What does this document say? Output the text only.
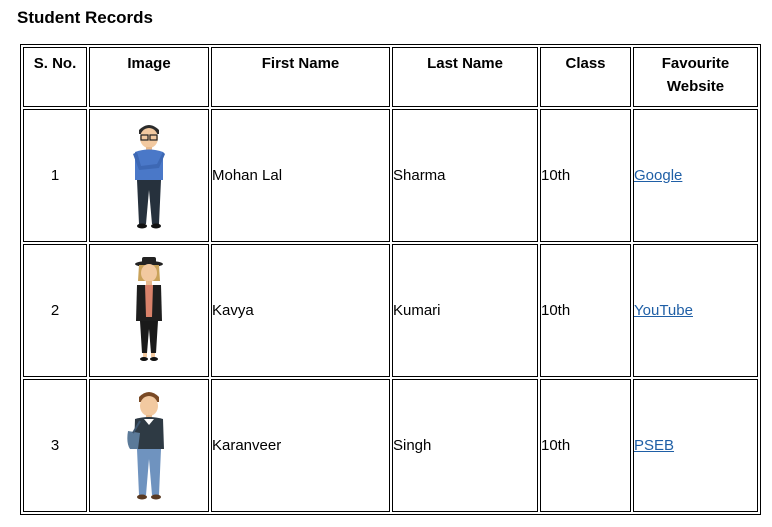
Student Records
S. No.	Image	First Name	Last Name	Class	Favourite Website
1		Mohan Lal	Sharma	10th	Google
2		Kavya	Kumari	10th	YouTube
3		Karanveer	Singh	10th	PSEB
